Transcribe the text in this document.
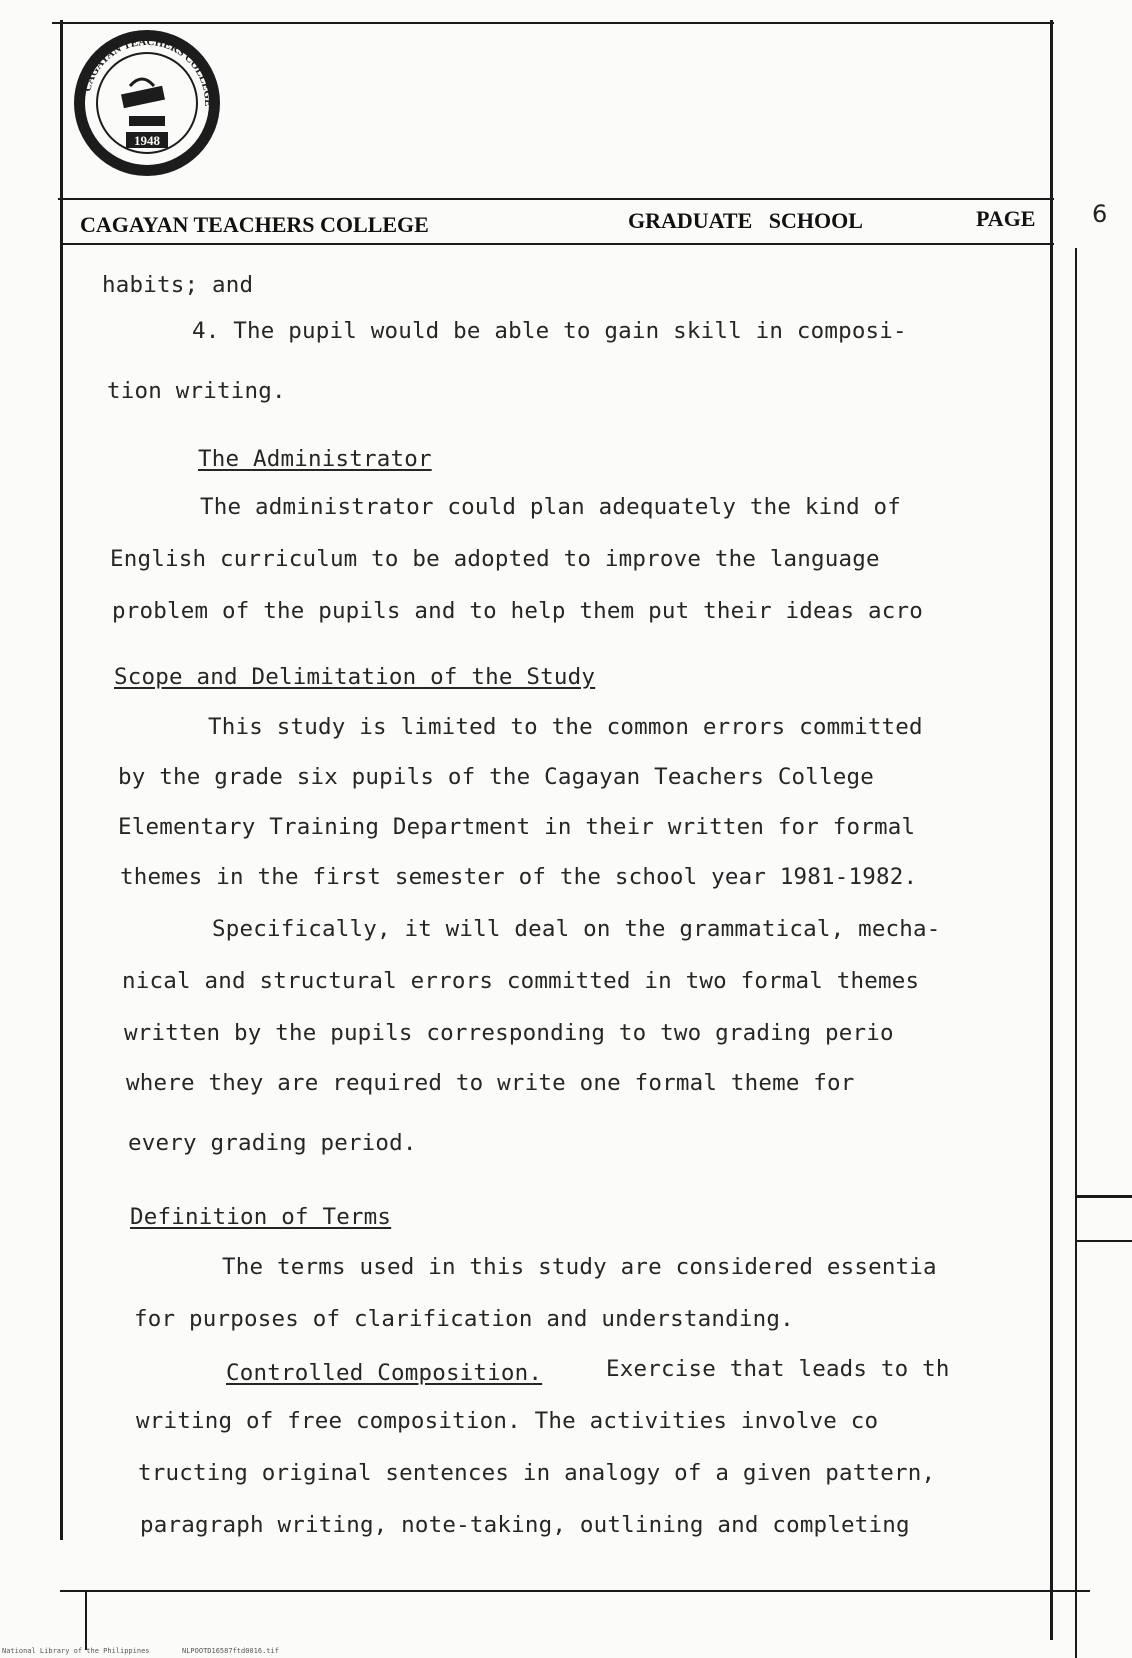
CAGAYAN TEACHERS COLLEGE
1948
CAGAYAN TEACHERS COLLEGE	GRADUATE   SCHOOL	PAGE 6
habits; and
4. The pupil would be able to gain skill in composi-
tion writing.
The Administrator
The administrator could plan adequately the kind of
English curriculum to be adopted to improve the language
problem of the pupils and to help them put their ideas acro
Scope and Delimitation of the Study
This study is limited to the common errors committed
by the grade six pupils of the Cagayan Teachers College
Elementary Training Department in their written for formal
themes in the first semester of the school year 1981-1982.
Specifically, it will deal on the grammatical, mecha-
nical and structural errors committed in two formal themes
written by the pupils corresponding to two grading perio
where they are required to write one formal theme for
every grading period.
Definition of Terms
The terms used in this study are considered essentia
for purposes of clarification and understanding.
Controlled Composition.	Exercise that leads to th
writing of free composition. The activities involve co
tructing original sentences in analogy of a given pattern,
paragraph writing, note-taking, outlining and completing
National Library of the Philippines	NLPOOTD16587ftd0016.tif
